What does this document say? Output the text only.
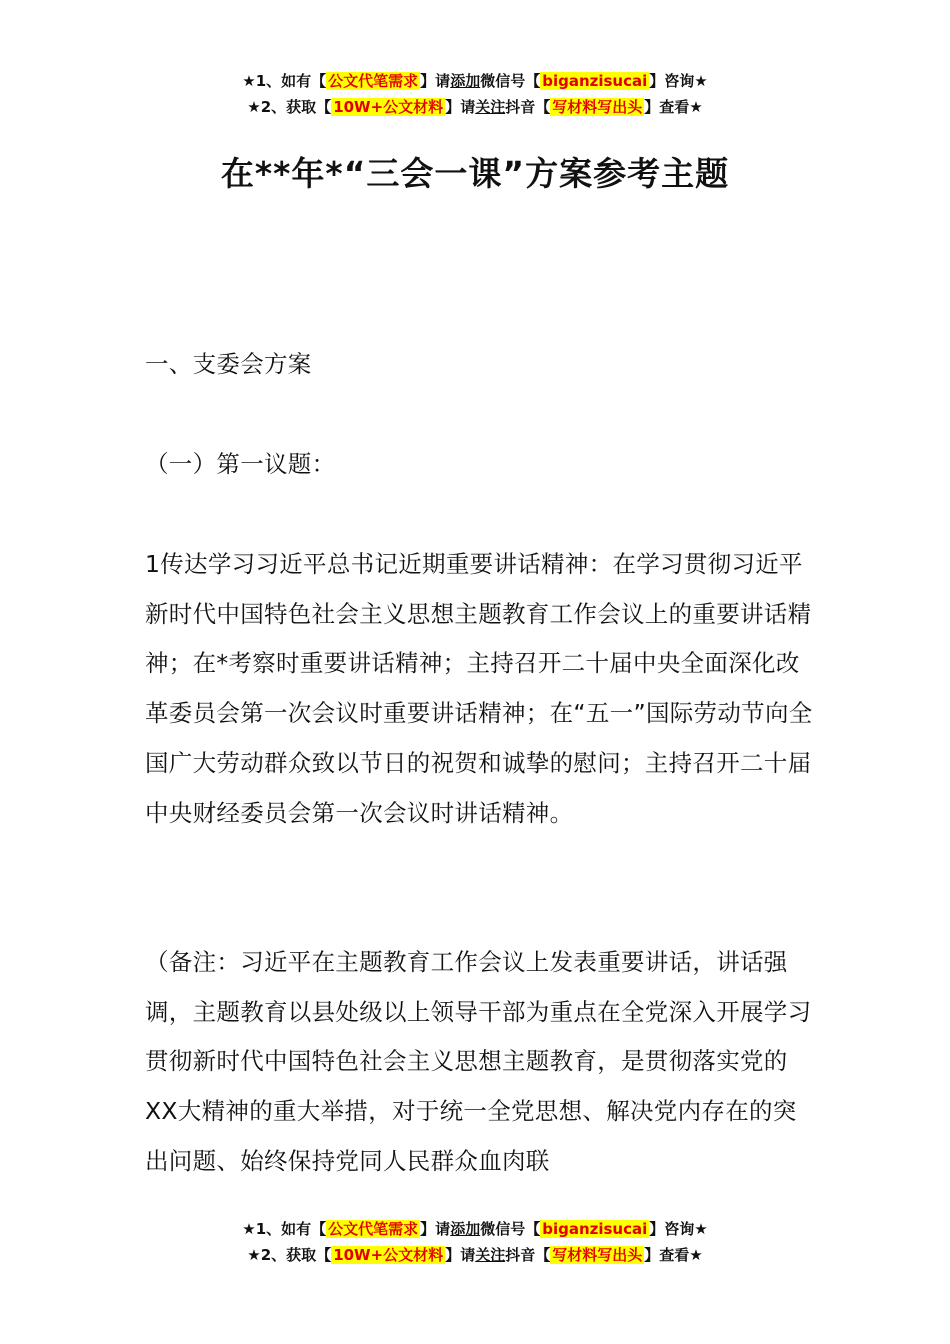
★1、如有【 公文代笔需求 】请添加微信号【 biganzisucai 】咨询★
★2、获取【 10W+公文材料 】请关注抖音【 写材料写出头 】查看★
在**年*“三会一课”方案参考主题
一、支委会方案
（一）第一议题：
1传达学习习近平总书记近期重要讲话精神：在学习贯彻习近平新时代中国特色社会主义思想主题教育工作会议上的重要讲话精神；在*考察时重要讲话精神；主持召开二十届中央全面深化改革委员会第一次会议时重要讲话精神；在“五一”国际劳动节向全国广大劳动群众致以节日的祝贺和诚挚的慰问；主持召开二十届中央财经委员会第一次会议时讲话精神。
（备注：习近平在主题教育工作会议上发表重要讲话，讲话强调，主题教育以县处级以上领导干部为重点在全党深入开展学习贯彻新时代中国特色社会主义思想主题教育，是贯彻落实党的XX大精神的重大举措，对于统一全党思想、解决党内存在的突出问题、始终保持党同人民群众血肉联
★1、如有【 公文代笔需求 】请添加微信号【 biganzisucai 】咨询★
★2、获取【 10W+公文材料 】请关注抖音【 写材料写出头 】查看★
